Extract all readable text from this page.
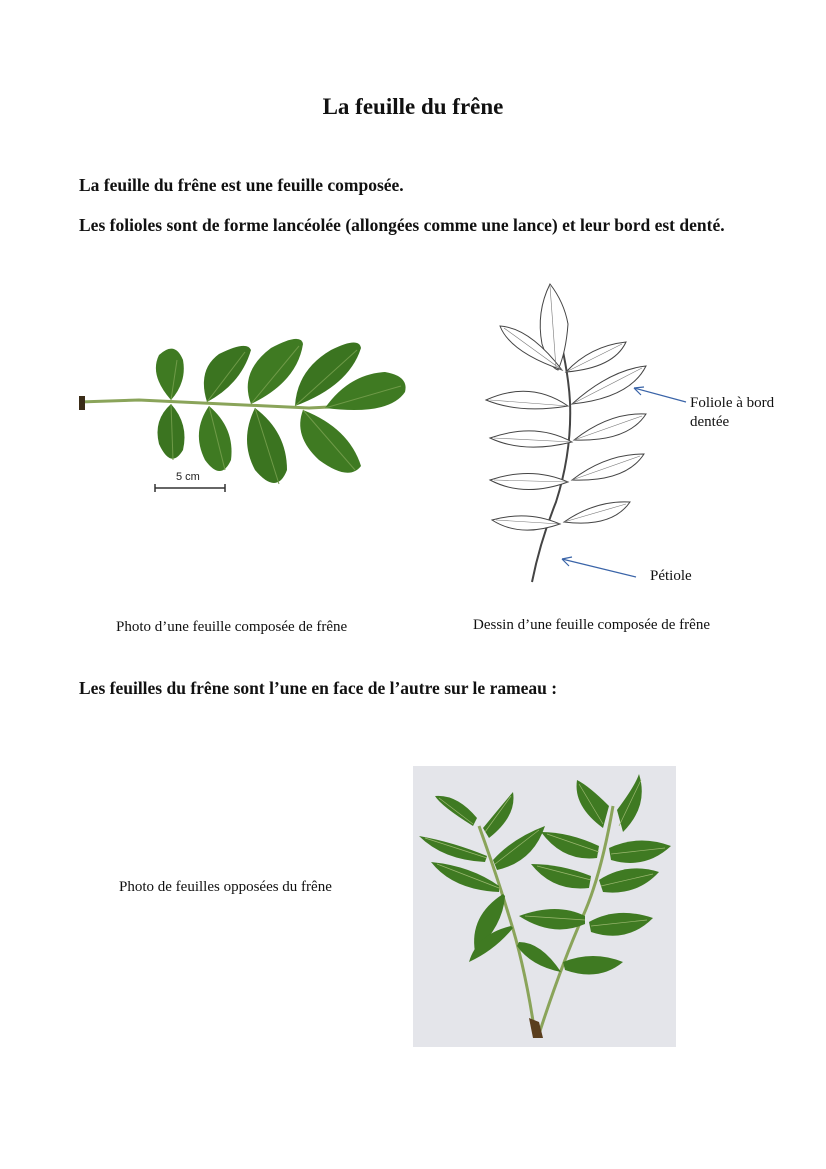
La feuille du frêne
La feuille du frêne est une feuille composée.
Les folioles sont de forme lancéolée (allongées comme une lance) et leur bord est denté.
5 cm
Foliole à bord
dentée
Pétiole
Photo d’une feuille composée de frêne	Dessin d’une feuille composée de frêne
Les feuilles du frêne sont l’une en face de l’autre sur le rameau :
Photo de feuilles opposées du frêne
